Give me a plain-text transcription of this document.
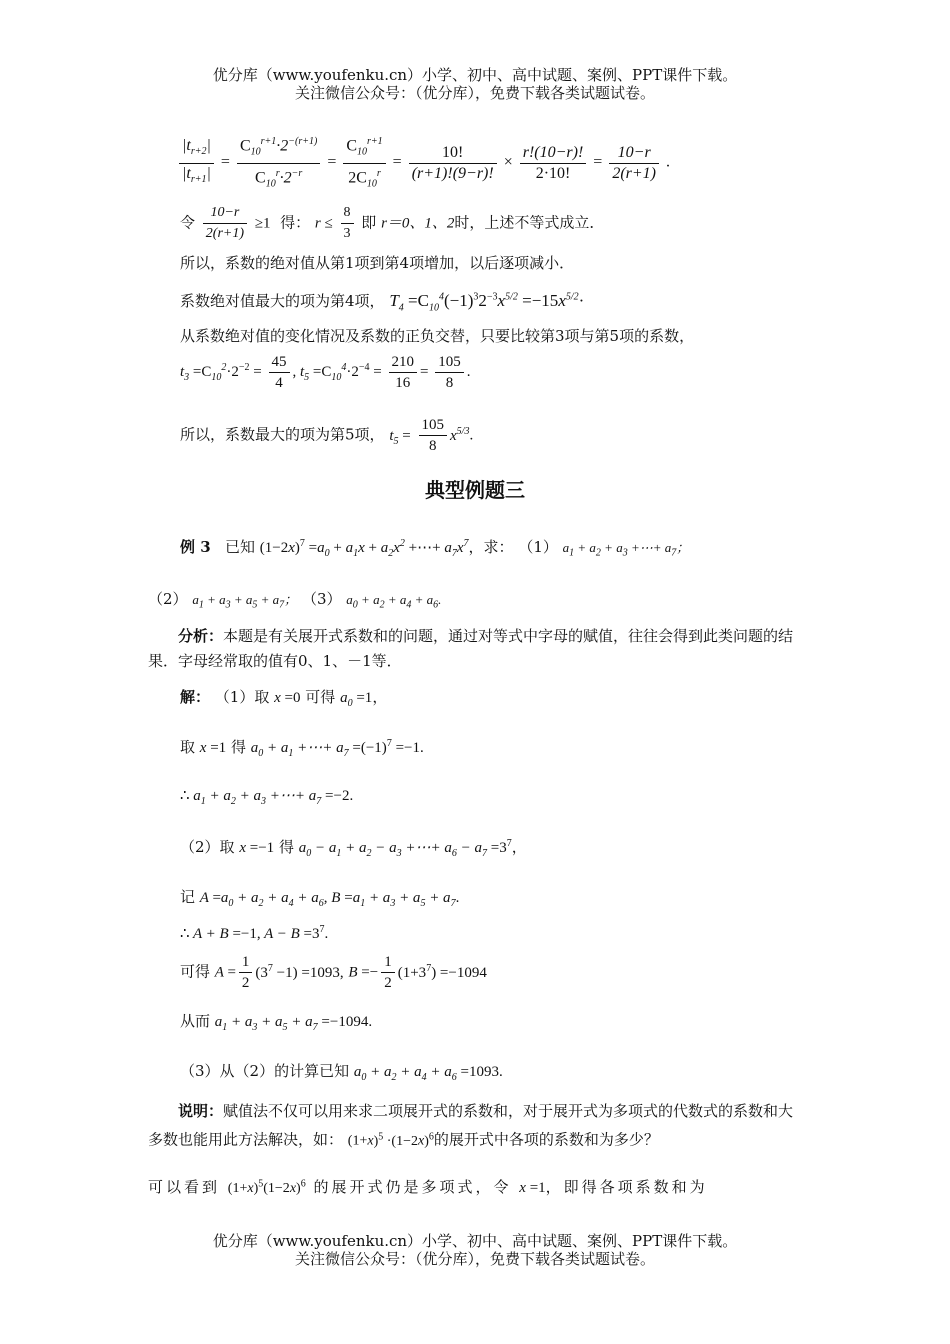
优分库（www.youfenku.cn）小学、初中、高中试题、案例、PPT课件下载。
关注微信公众号：（优分库），免费下载各类试题试卷。
$\frac{|t_{r+2}|}{|t_{r+1}|} = \frac{C_{10}^{r+1}\cdot 2^{-(r+1)}}{C_{10}^r\cdot 2^{-r}} = \frac{C_{10}^{r+1}}{2C_{10}^r} = \frac{10!}{(r+1)!(9-r)!} \times \frac{r!(10-r)!}{2\cdot 10!} = \frac{10-r}{2(r+1)}$ .
令 $\frac{10-r}{2(r+1)} \ge 1$ 得： $r \le \frac{8}{3}$ 即 r＝0、1、2时，上述不等式成立．
所以，系数的绝对值从第1项到第4项增加，以后逐项减小．
系数绝对值最大的项为第4项， $T_4 =C_{10}^4(-1)^32^{-3}x^{5/2} =-15x^{5/2}\cdot$
从系数绝对值的变化情况及系数的正负交替，只要比较第3项与第5项的系数，
$t_3 =C_{10}^2\cdot 2^{-2} = \frac{45}{4}$ , $t_5 =C_{10}^4\cdot 2^{-4} = \frac{210}{16} = \frac{105}{8}$ .
所以，系数最大的项为第5项， $t_5 = \frac{105}{8} x^{5/3}$.
典型例题三
例 3 已知 $(1-2x)^7 =a_0 + a_1x + a_2x^2$ +⋯+ $a_7x^7$，求： （1） $a_1 + a_2 + a_3$ +⋯+ $a_7$；
（2） $a_1 + a_3 + a_5 + a_7$； （3） $a_0 + a_2 + a_4 + a_6$.
分析：本题是有关展开式系数和的问题，通过对等式中字母的赋值，往往会得到此类问题的结果．字母经常取的值有0、1、－1等．
解： （1）取 x =0 可得 $a_0 =1$，
取 x =1 得 $a_0 + a_1$ +⋯+ $a_7 =(-1)^7 =-1$.
∴ $a_1 + a_2 + a_3$ +⋯+ $a_7 =-2$.
（2）取 x =−1 得 $a_0 - a_1 + a_2 - a_3$ +⋯+ $a_6 - a_7 =3^7$，
记 $A =a_0 + a_2 + a_4 + a_6$, $B =a_1 + a_3 + a_5 + a_7$.
∴ A + B =−1, $A - B =3^7$.
可得 $A = \frac{1}{2} (3^7 -1) =1093$, $B =- \frac{1}{2} (1+3^7) =-1094$
从而 $a_1 + a_3 + a_5 + a_7 =-1094$.
（3）从（2）的计算已知 $a_0 + a_2 + a_4 + a_6 =1093$.
说明：赋值法不仅可以用来求二项展开式的系数和，对于展开式为多项式的代数式的系数和大多数也能用此方法解决，如： $(1+x)^5 \cdot(1-2x)^6$的展开式中各项的系数和为多少？
可以看到 $(1+x)^5(1-2x)^6$ 的展开式仍是多项式，令 x =1，即得各项系数和为
优分库（www.youfenku.cn）小学、初中、高中试题、案例、PPT课件下载。
关注微信公众号：（优分库），免费下载各类试题试卷。
